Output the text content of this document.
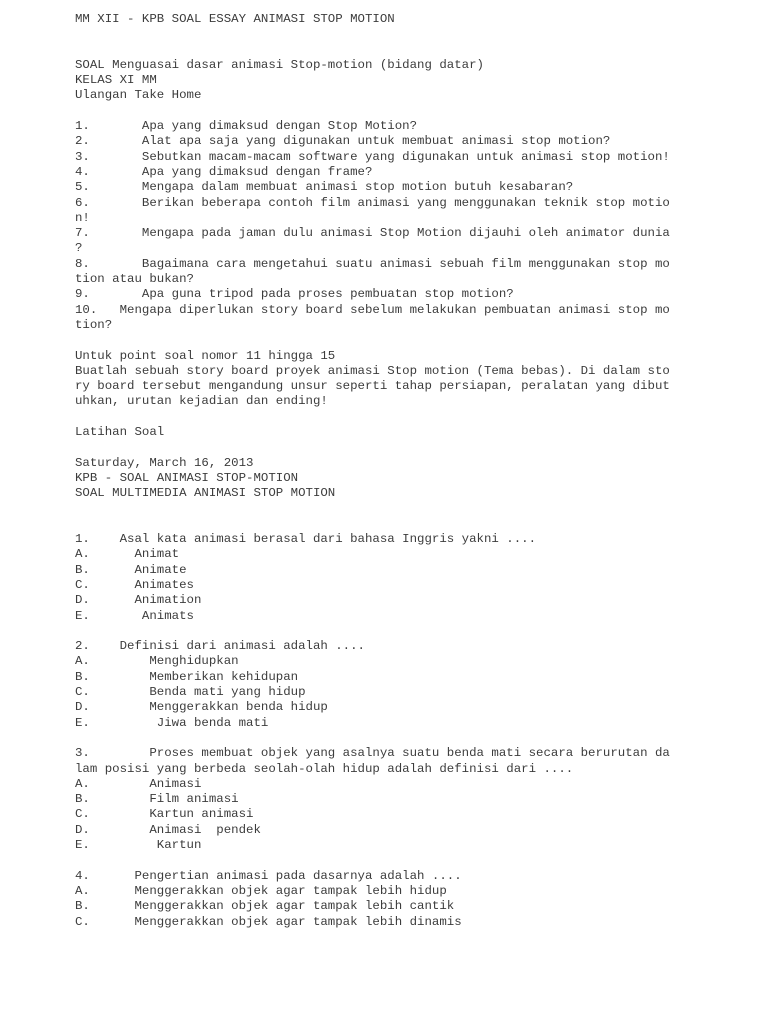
MM XII - KPB SOAL ESSAY ANIMASI STOP MOTION
SOAL Menguasai dasar animasi Stop-motion (bidang datar)
KELAS XI MM
Ulangan Take Home
1.       Apa yang dimaksud dengan Stop Motion?
2.       Alat apa saja yang digunakan untuk membuat animasi stop motion?
3.       Sebutkan macam-macam software yang digunakan untuk animasi stop motion!
4.       Apa yang dimaksud dengan frame?
5.       Mengapa dalam membuat animasi stop motion butuh kesabaran?
6.       Berikan beberapa contoh film animasi yang menggunakan teknik stop motio
n!
7.       Mengapa pada jaman dulu animasi Stop Motion dijauhi oleh animator dunia
?
8.       Bagaimana cara mengetahui suatu animasi sebuah film menggunakan stop mo
tion atau bukan?
9.       Apa guna tripod pada proses pembuatan stop motion?
10.   Mengapa diperlukan story board sebelum melakukan pembuatan animasi stop mo
tion?
Untuk point soal nomor 11 hingga 15
Buatlah sebuah story board proyek animasi Stop motion (Tema bebas). Di dalam sto
ry board tersebut mengandung unsur seperti tahap persiapan, peralatan yang dibut
uhkan, urutan kejadian dan ending!
Latihan Soal
Saturday, March 16, 2013
KPB - SOAL ANIMASI STOP-MOTION
SOAL MULTIMEDIA ANIMASI STOP MOTION
1.    Asal kata animasi berasal dari bahasa Inggris yakni ....
A.      Animat
B.      Animate
C.      Animates
D.      Animation
E.       Animats
2.    Definisi dari animasi adalah ....
A.        Menghidupkan
B.        Memberikan kehidupan
C.        Benda mati yang hidup
D.        Menggerakkan benda hidup
E.         Jiwa benda mati
3.        Proses membuat objek yang asalnya suatu benda mati secara berurutan da
lam posisi yang berbeda seolah-olah hidup adalah definisi dari ....
A.        Animasi
B.        Film animasi
C.        Kartun animasi
D.        Animasi  pendek
E.         Kartun
4.      Pengertian animasi pada dasarnya adalah ....
A.      Menggerakkan objek agar tampak lebih hidup
B.      Menggerakkan objek agar tampak lebih cantik
C.      Menggerakkan objek agar tampak lebih dinamis
